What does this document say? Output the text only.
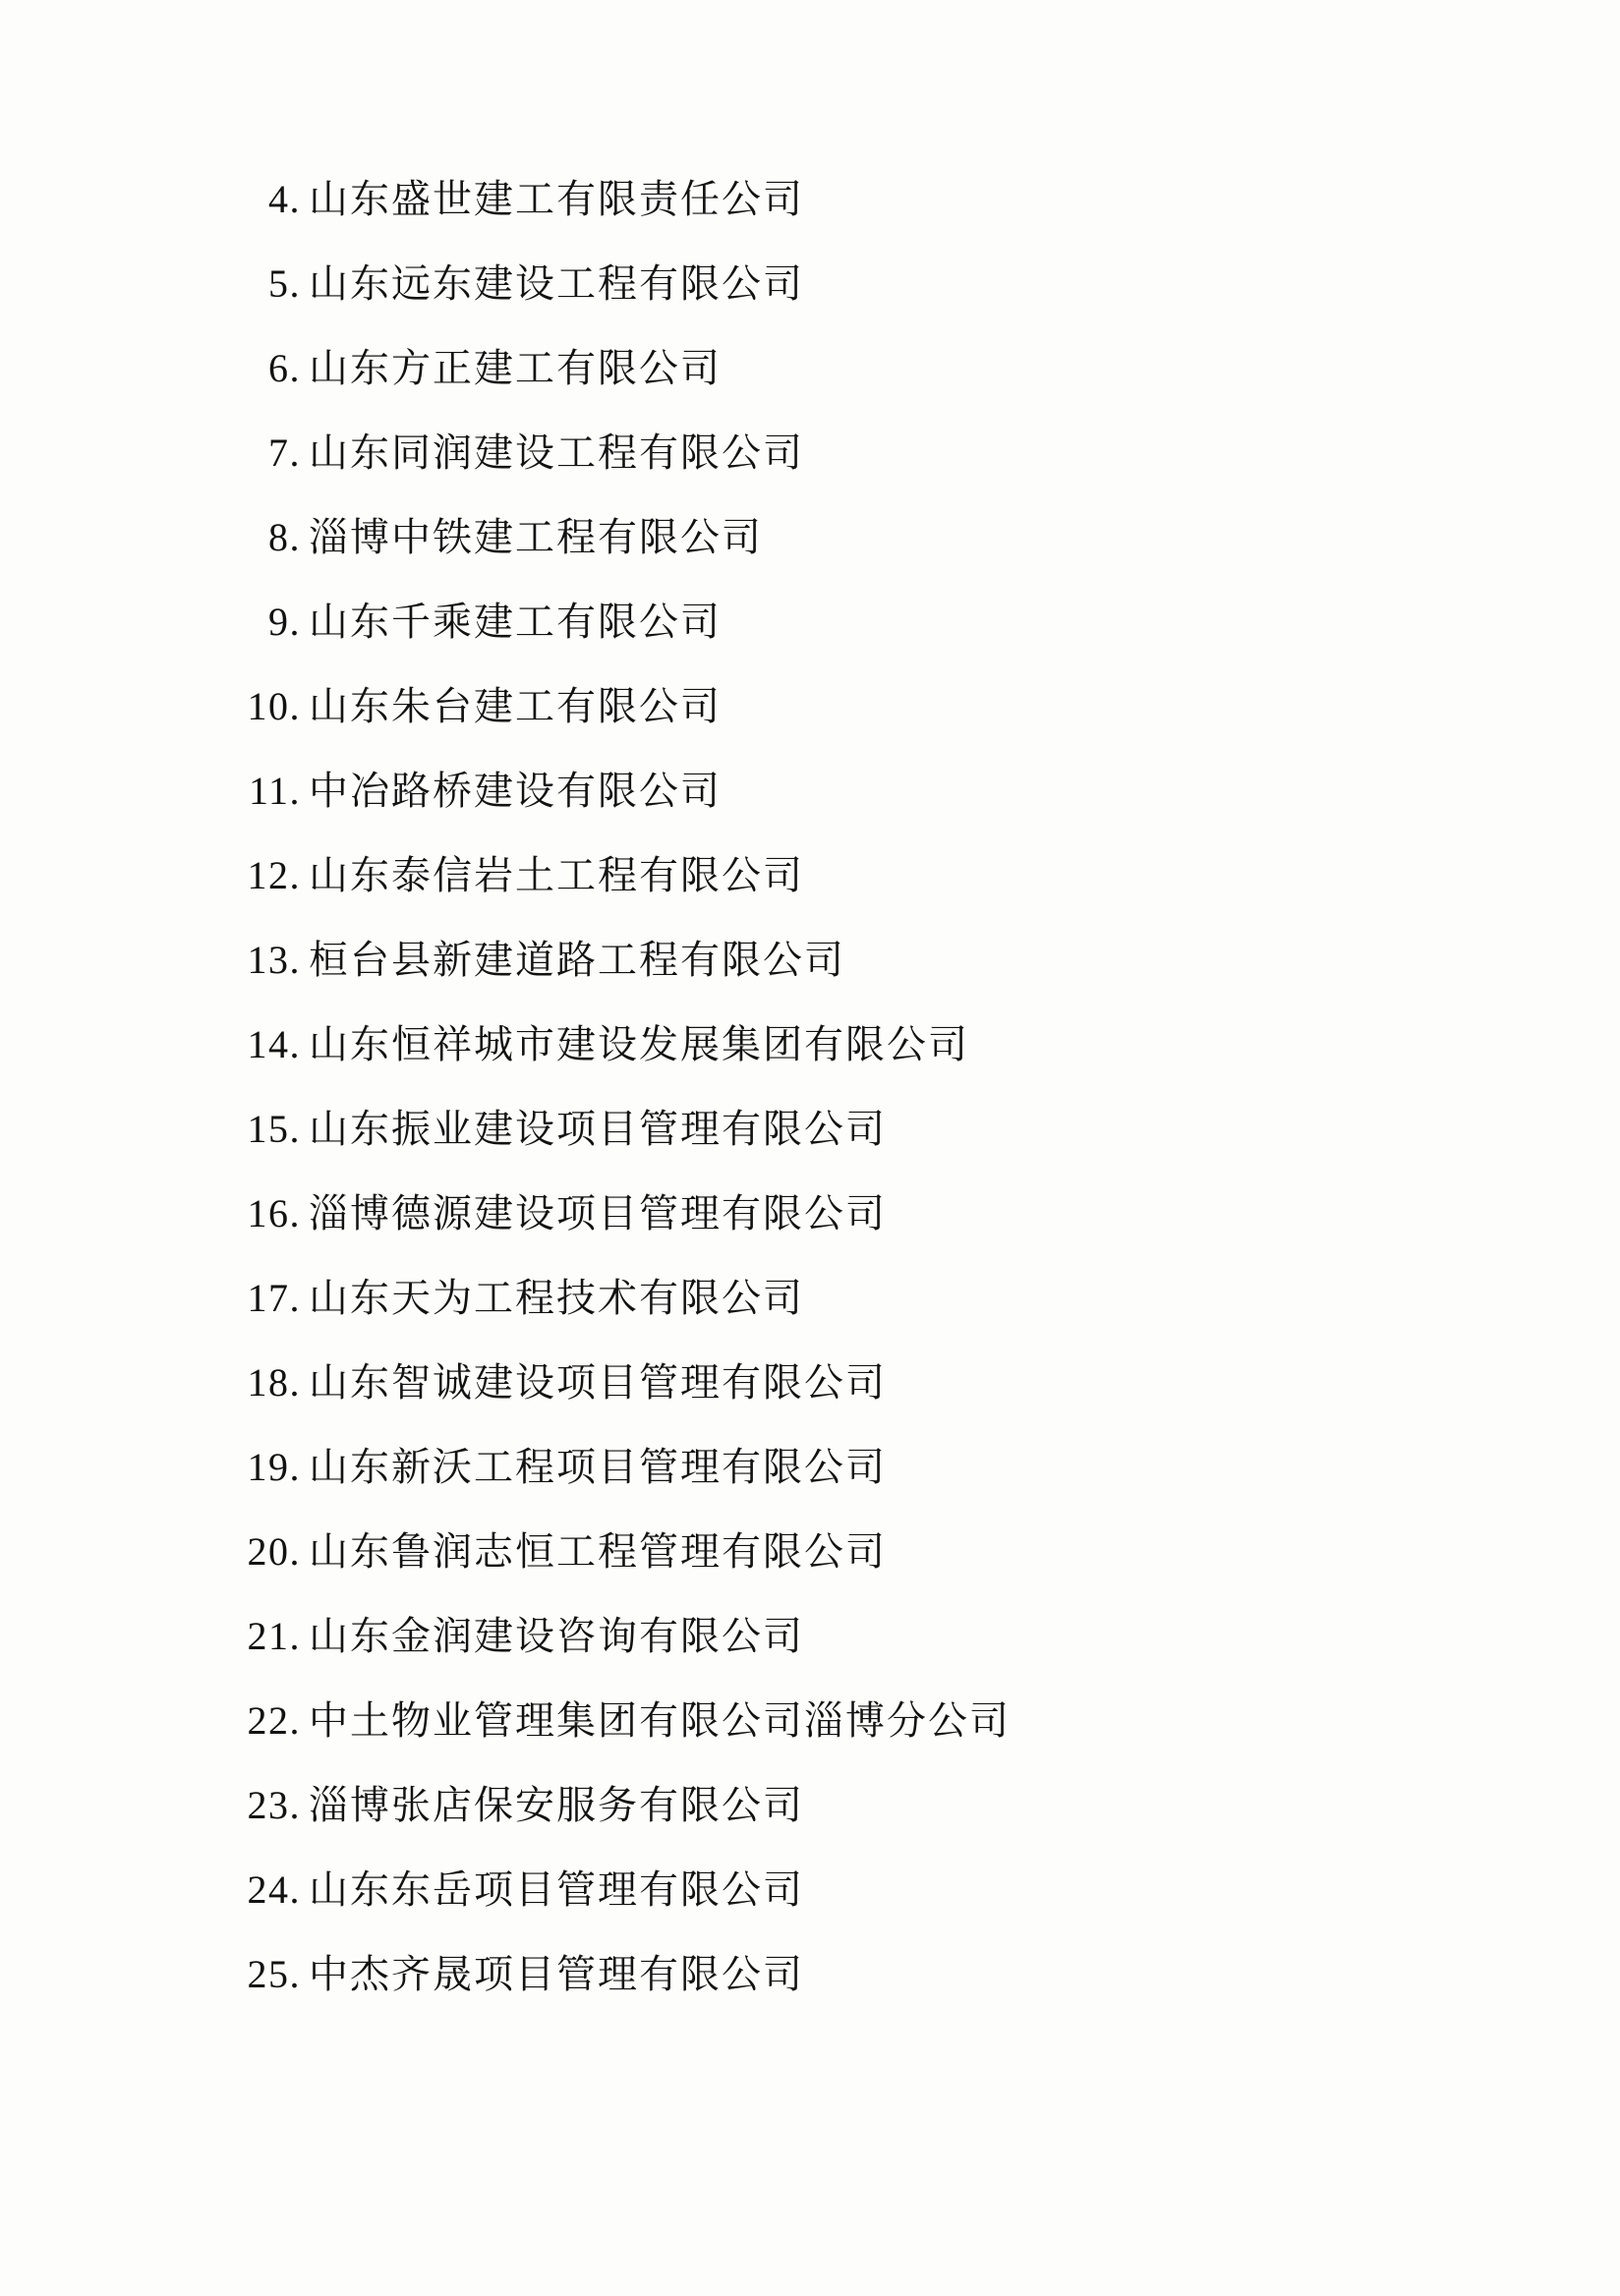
4. 山东盛世建工有限责任公司
5. 山东远东建设工程有限公司
6. 山东方正建工有限公司
7. 山东同润建设工程有限公司
8. 淄博中铁建工程有限公司
9. 山东千乘建工有限公司
10. 山东朱台建工有限公司
11. 中冶路桥建设有限公司
12. 山东泰信岩土工程有限公司
13. 桓台县新建道路工程有限公司
14. 山东恒祥城市建设发展集团有限公司
15. 山东振业建设项目管理有限公司
16. 淄博德源建设项目管理有限公司
17. 山东天为工程技术有限公司
18. 山东智诚建设项目管理有限公司
19. 山东新沃工程项目管理有限公司
20. 山东鲁润志恒工程管理有限公司
21. 山东金润建设咨询有限公司
22. 中土物业管理集团有限公司淄博分公司
23. 淄博张店保安服务有限公司
24. 山东东岳项目管理有限公司
25. 中杰齐晟项目管理有限公司
